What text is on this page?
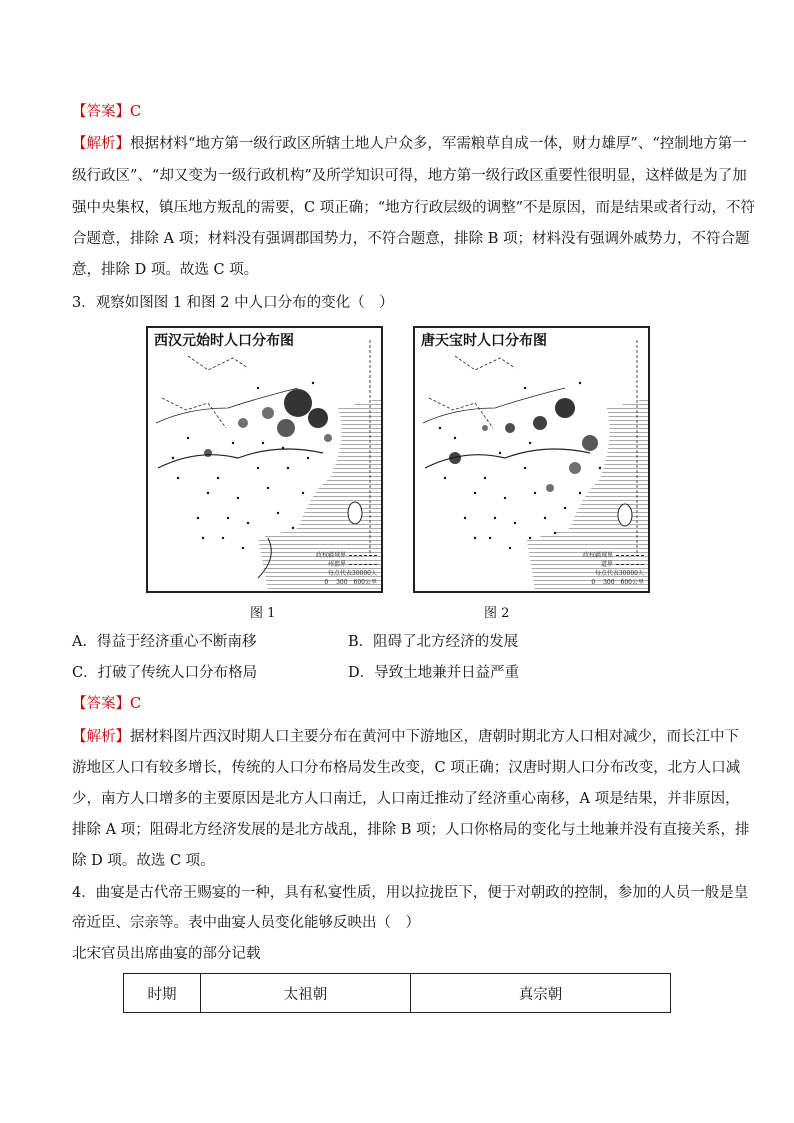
【答案】C
【解析】根据材料“地方第一级行政区所辖土地人户众多，军需粮草自成一体，财力雄厚”、“控制地方第一
级行政区”、“却又变为一级行政机构”及所学知识可得，地方第一级行政区重要性很明显，这样做是为了加
强中央集权，镇压地方叛乱的需要，C 项正确；“地方行政层级的调整”不是原因，而是结果或者行动，不符
合题意，排除 A 项；材料没有强调郡国势力，不符合题意，排除 B 项；材料没有强调外戚势力，不符合题
意，排除 D 项。故选 C 项。
3．观察如图图 1 和图 2 中人口分布的变化（　）
西汉元始时人口分布图
政权疆域界
州郡界
每点代表30000人
0　 300　600公里
唐天宝时人口分布图
政权疆域界
道界
每点代表30000人
0　 300　600公里
图 1	图 2
A．得益于经济重心不断南移	B．阻碍了北方经济的发展
C．打破了传统人口分布格局	D．导致土地兼并日益严重
【答案】C
【解析】据材料图片西汉时期人口主要分布在黄河中下游地区，唐朝时期北方人口相对减少，而长江中下
游地区人口有较多增长，传统的人口分布格局发生改变，C 项正确；汉唐时期人口分布改变，北方人口减
少，南方人口增多的主要原因是北方人口南迁，人口南迁推动了经济重心南移，A 项是结果，并非原因，
排除 A 项；阻碍北方经济发展的是北方战乱，排除 B 项；人口你格局的变化与土地兼并没有直接关系，排
除 D 项。故选 C 项。
4．曲宴是古代帝王赐宴的一种，具有私宴性质，用以拉拢臣下，便于对朝政的控制，参加的人员一般是皇
帝近臣、宗亲等。表中曲宴人员变化能够反映出（　）
北宋官员出席曲宴的部分记载
时期	太祖朝	真宗朝
